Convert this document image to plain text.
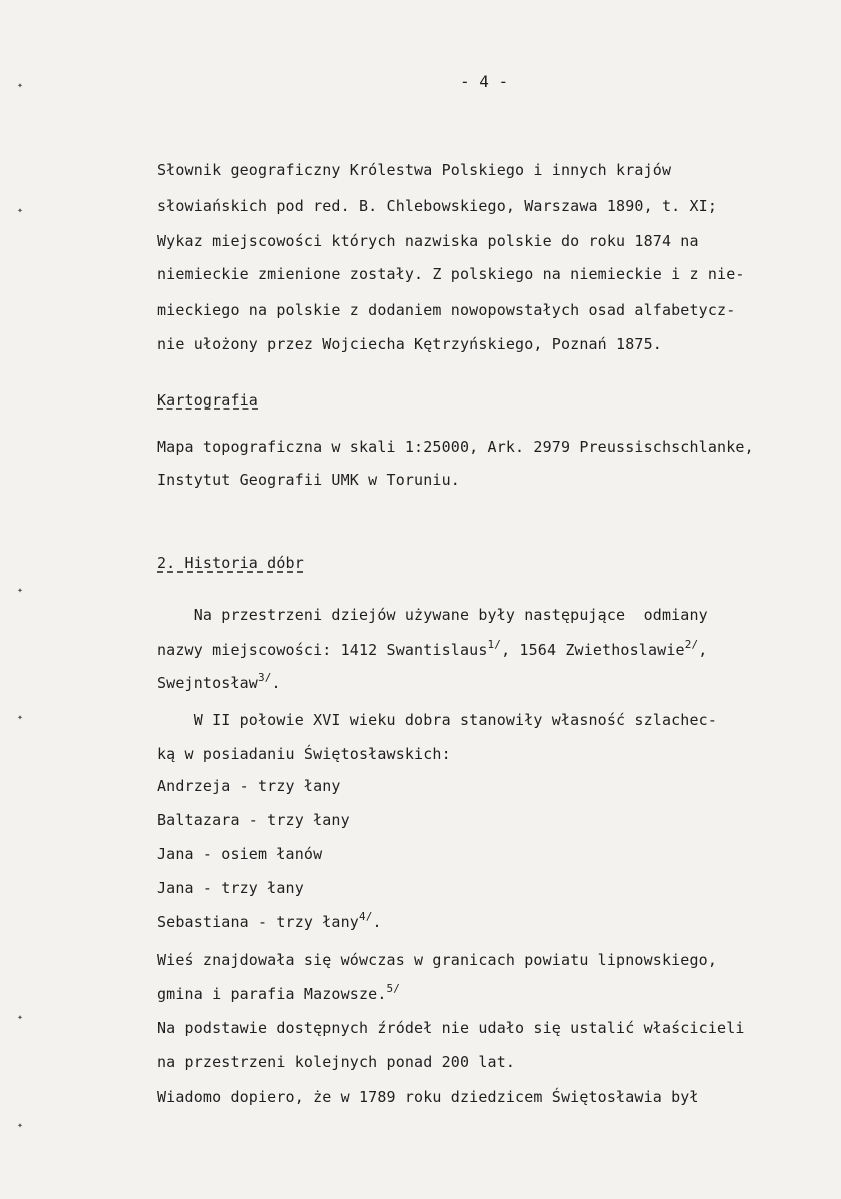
✦
✦
✦
✦
✦
✦
- 4 -
Słownik geograficzny Królestwa Polskiego i innych krajów
słowiańskich pod red. B. Chlebowskiego, Warszawa 1890, t. XI;
Wykaz miejscowości których nazwiska polskie do roku 1874 na
niemieckie zmienione zostały. Z polskiego na niemieckie i z nie-
mieckiego na polskie z dodaniem nowopowstałych osad alfabetycz-
nie ułożony przez Wojciecha Kętrzyńskiego, Poznań 1875.
Kartografia
Mapa topograficzna w skali 1:25000, Ark. 2979 Preussischschlanke,
Instytut Geografii UMK w Toruniu.
2. Historia dóbr
Na przestrzeni dziejów używane były następujące  odmiany
nazwy miejscowości: 1412 Swantislaus$^{1/}$, 1564 Zwiethoslawie$^{2/}$,
Swejntosław$^{3/}$.
W II połowie XVI wieku dobra stanowiły własność szlachec-
ką w posiadaniu Świętosławskich:
Andrzeja - trzy łany
Baltazara - trzy łany
Jana - osiem łanów
Jana - trzy łany
Sebastiana - trzy łany$^{4/}$.
Wieś znajdowała się wówczas w granicach powiatu lipnowskiego,
gmina i parafia Mazowsze.$^{5/}$
Na podstawie dostępnych źródeł nie udało się ustalić właścicieli
na przestrzeni kolejnych ponad 200 lat.
Wiadomo dopiero, że w 1789 roku dziedzicem Świętosławia był
